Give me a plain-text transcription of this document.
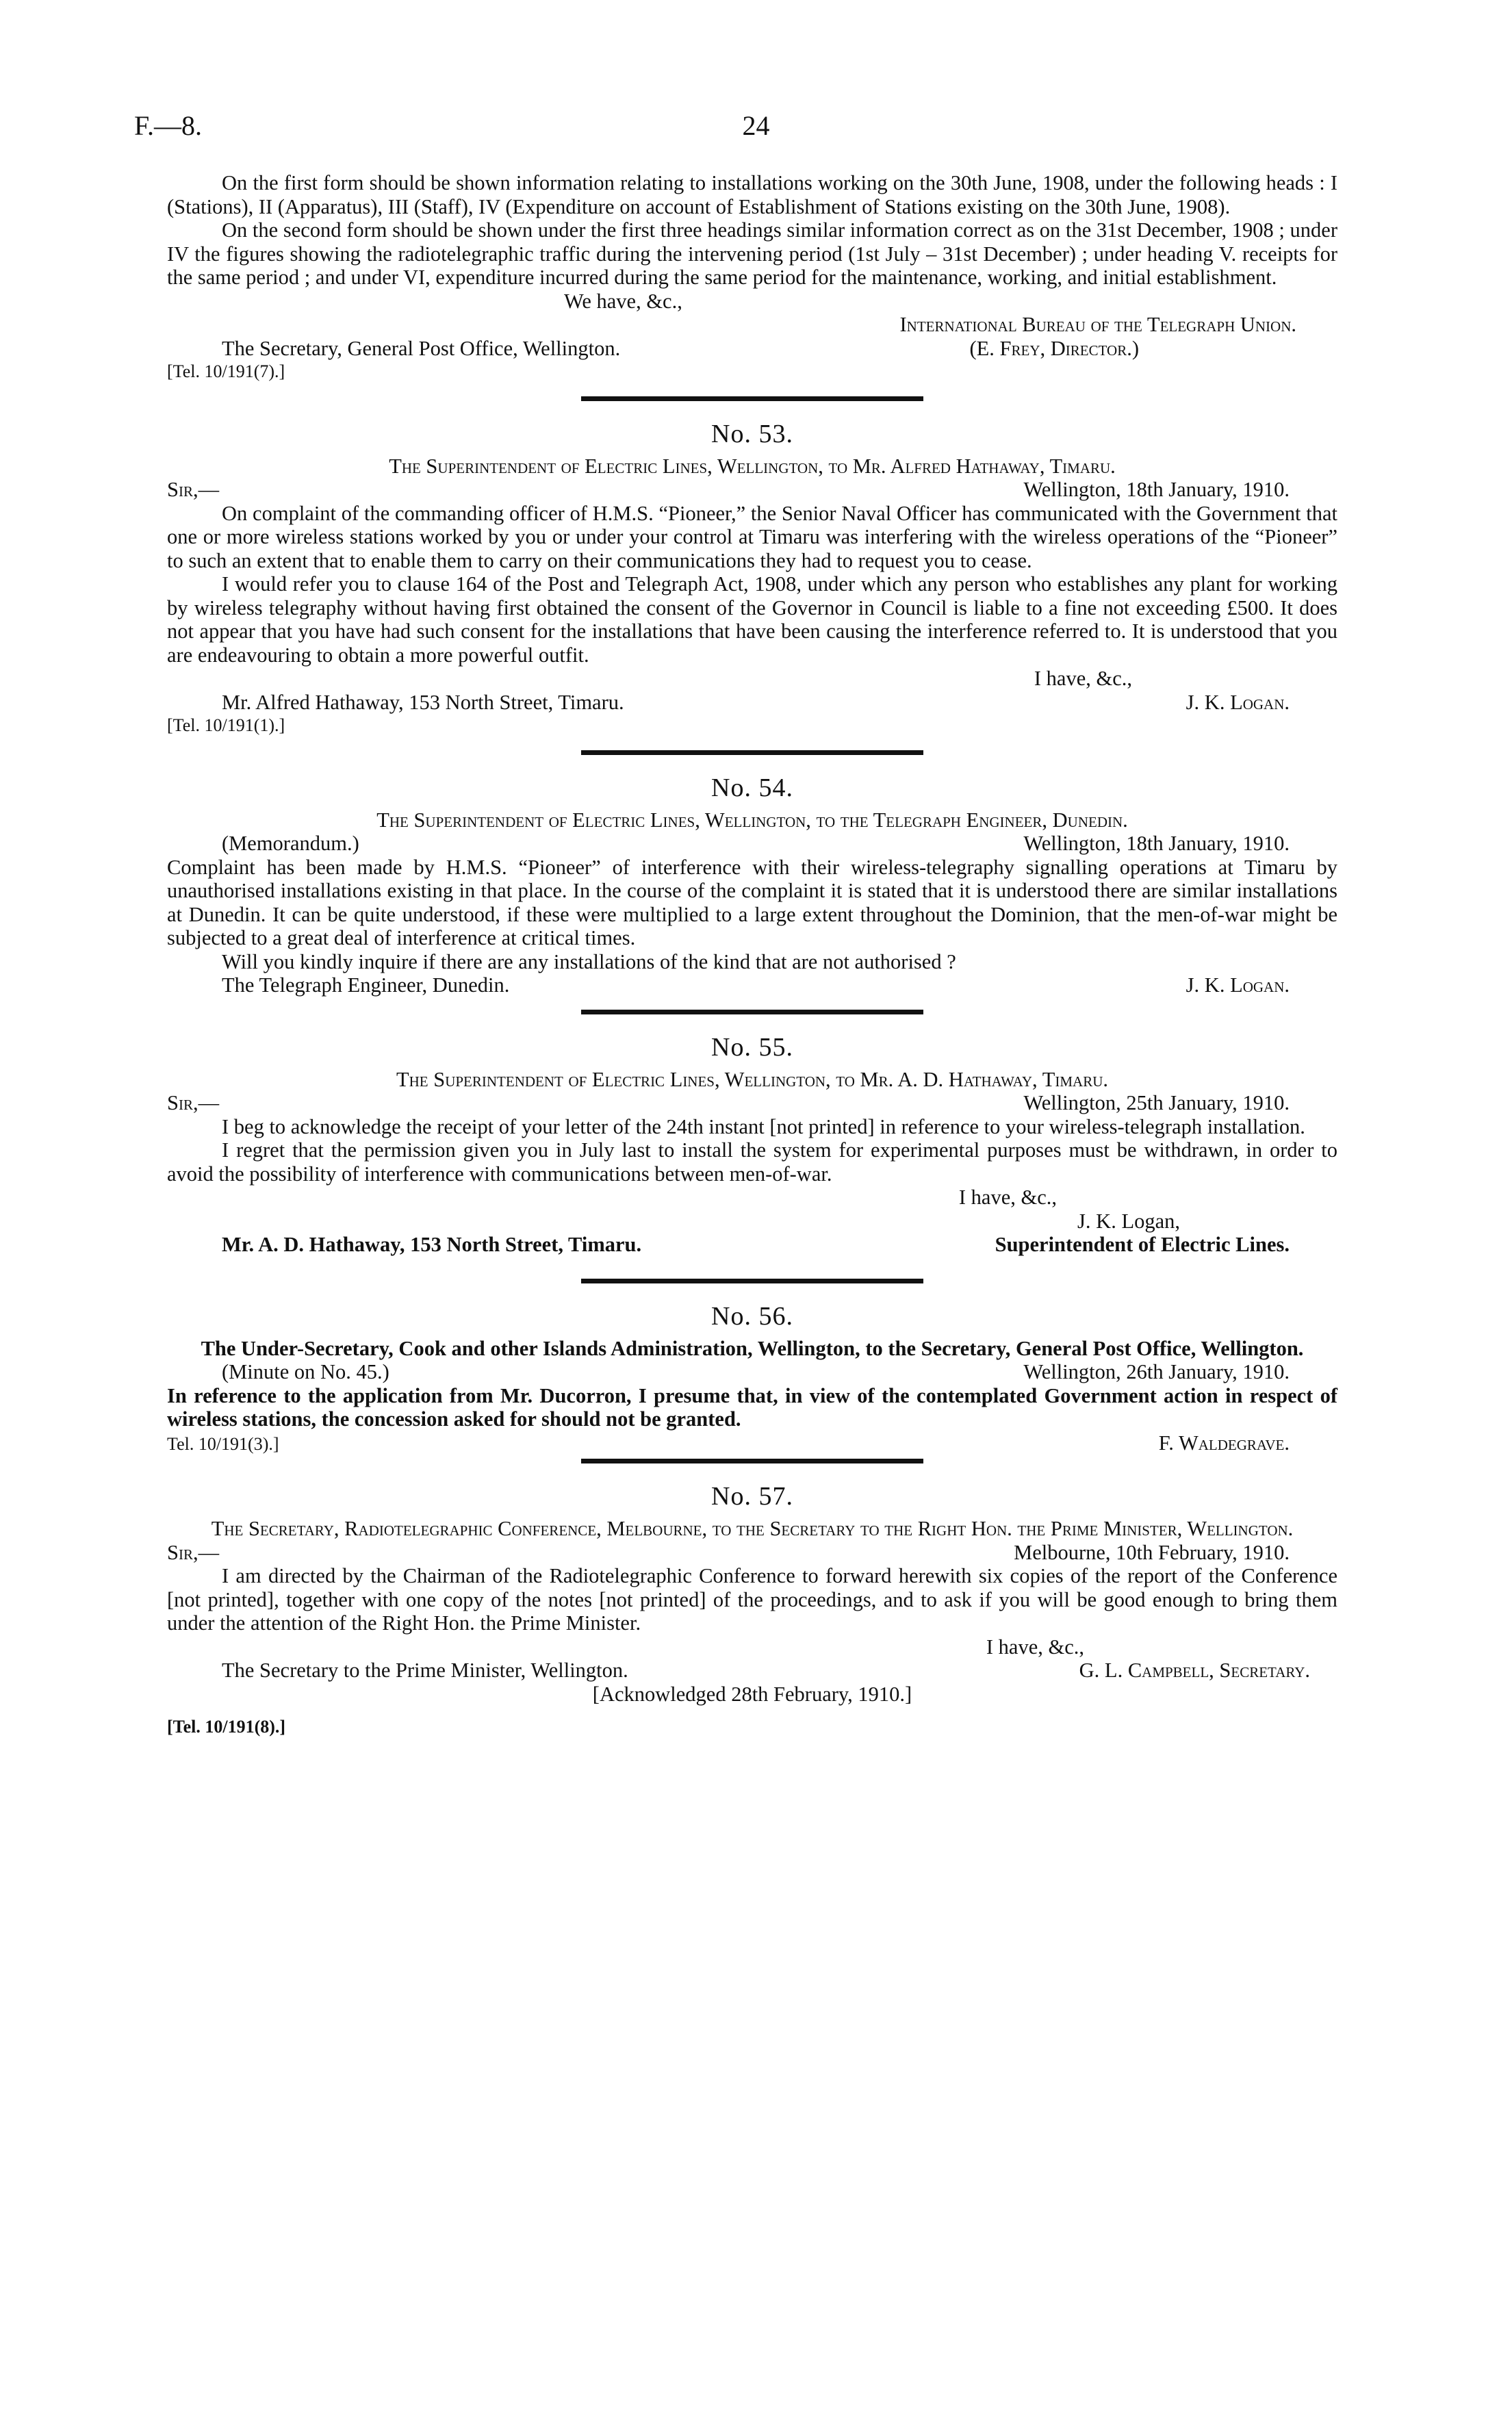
F.—8.	24

On the first form should be shown information relating to installations working on the 30th June, 1908, under the following heads : I (Stations), II (Apparatus), III (Staff), IV (Expenditure on account of Establishment of Stations existing on the 30th June, 1908).

On the second form should be shown under the first three headings similar information correct as on the 31st December, 1908 ; under IV the figures showing the radiotelegraphic traffic during the intervening period (1st July – 31st December) ; under heading V. receipts for the same period ; and under VI, expenditure incurred during the same period for the maintenance, working, and initial establishment.

We have, &c.,
International Bureau of the Telegraph Union.
The Secretary, General Post Office, Wellington.	(E. Frey, Director.)
[Tel. 10/191(7).]
No. 53.
The Superintendent of Electric Lines, Wellington, to Mr. Alfred Hathaway, Timaru.
Sir,—	Wellington, 18th January, 1910.

On complaint of the commanding officer of H.M.S. “Pioneer,” the Senior Naval Officer has communicated with the Government that one or more wireless stations worked by you or under your control at Timaru was interfering with the wireless operations of the “Pioneer” to such an extent that to enable them to carry on their communications they had to request you to cease.

I would refer you to clause 164 of the Post and Telegraph Act, 1908, under which any person who establishes any plant for working by wireless telegraphy without having first obtained the consent of the Governor in Council is liable to a fine not exceeding £500. It does not appear that you have had such consent for the installations that have been causing the interference referred to. It is understood that you are endeavouring to obtain a more powerful outfit.

I have, &c.,
Mr. Alfred Hathaway, 153 North Street, Timaru.	J. K. Logan.
[Tel. 10/191(1).]
No. 54.
The Superintendent of Electric Lines, Wellington, to the Telegraph Engineer, Dunedin.
(Memorandum.)	Wellington, 18th January, 1910.

Complaint has been made by H.M.S. “Pioneer” of interference with their wireless-telegraphy signalling operations at Timaru by unauthorised installations existing in that place. In the course of the complaint it is stated that it is understood there are similar installations at Dunedin. It can be quite understood, if these were multiplied to a large extent throughout the Dominion, that the men-of-war might be subjected to a great deal of interference at critical times.

Will you kindly inquire if there are any installations of the kind that are not authorised ?

The Telegraph Engineer, Dunedin.	J. K. Logan.
No. 55.
The Superintendent of Electric Lines, Wellington, to Mr. A. D. Hathaway, Timaru.
Sir,—	Wellington, 25th January, 1910.

I beg to acknowledge the receipt of your letter of the 24th instant [not printed] in reference to your wireless-telegraph installation.

I regret that the permission given you in July last to install the system for experimental purposes must be withdrawn, in order to avoid the possibility of interference with communications between men-of-war.

I have, &c.,
J. K. Logan,
Mr. A. D. Hathaway, 153 North Street, Timaru.	Superintendent of Electric Lines.
No. 56.
The Under-Secretary, Cook and other Islands Administration, Wellington, to the Secretary, General Post Office, Wellington.
(Minute on No. 45.)	Wellington, 26th January, 1910.

In reference to the application from Mr. Ducorron, I presume that, in view of the contemplated Government action in respect of wireless stations, the concession asked for should not be granted.

Tel. 10/191(3).]	F. Waldegrave.
No. 57.
The Secretary, Radiotelegraphic Conference, Melbourne, to the Secretary to the Right Hon. the Prime Minister, Wellington.
Sir,—	Melbourne, 10th February, 1910.

I am directed by the Chairman of the Radiotelegraphic Conference to forward herewith six copies of the report of the Conference [not printed], together with one copy of the notes [not printed] of the proceedings, and to ask if you will be good enough to bring them under the attention of the Right Hon. the Prime Minister.

I have, &c.,
The Secretary to the Prime Minister, Wellington.	G. L. Campbell, Secretary.
[Acknowledged 28th February, 1910.]
[Tel. 10/191(8).]
